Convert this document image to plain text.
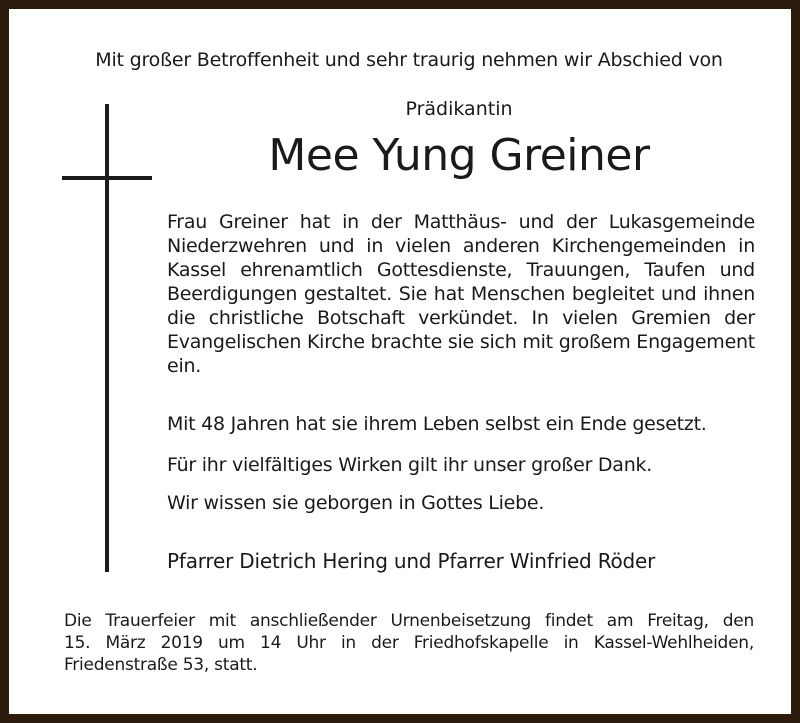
Mit großer Betroffenheit und sehr traurig nehmen wir Abschied von
Prädikantin
Mee Yung Greiner
Frau Greiner hat in der Matthäus- und der Lukasgemeinde Niederzwehren und in vielen anderen Kirchengemeinden in Kassel ehrenamtlich Gottesdienste, Trauungen, Taufen und Beerdigungen gestaltet. Sie hat Menschen begleitet und ihnen die christliche Botschaft verkündet. In vielen Gremien der Evangelischen Kirche brachte sie sich mit großem Engagement ein.
Mit 48 Jahren hat sie ihrem Leben selbst ein Ende gesetzt.
Für ihr vielfältiges Wirken gilt ihr unser großer Dank.
Wir wissen sie geborgen in Gottes Liebe.
Pfarrer Dietrich Hering und Pfarrer Winfried Röder
Die Trauerfeier mit anschließender Urnenbeisetzung findet am Freitag, den
15. März 2019 um 14 Uhr in der Friedhofskapelle in Kassel-Wehlheiden,
Friedenstraße 53, statt.
